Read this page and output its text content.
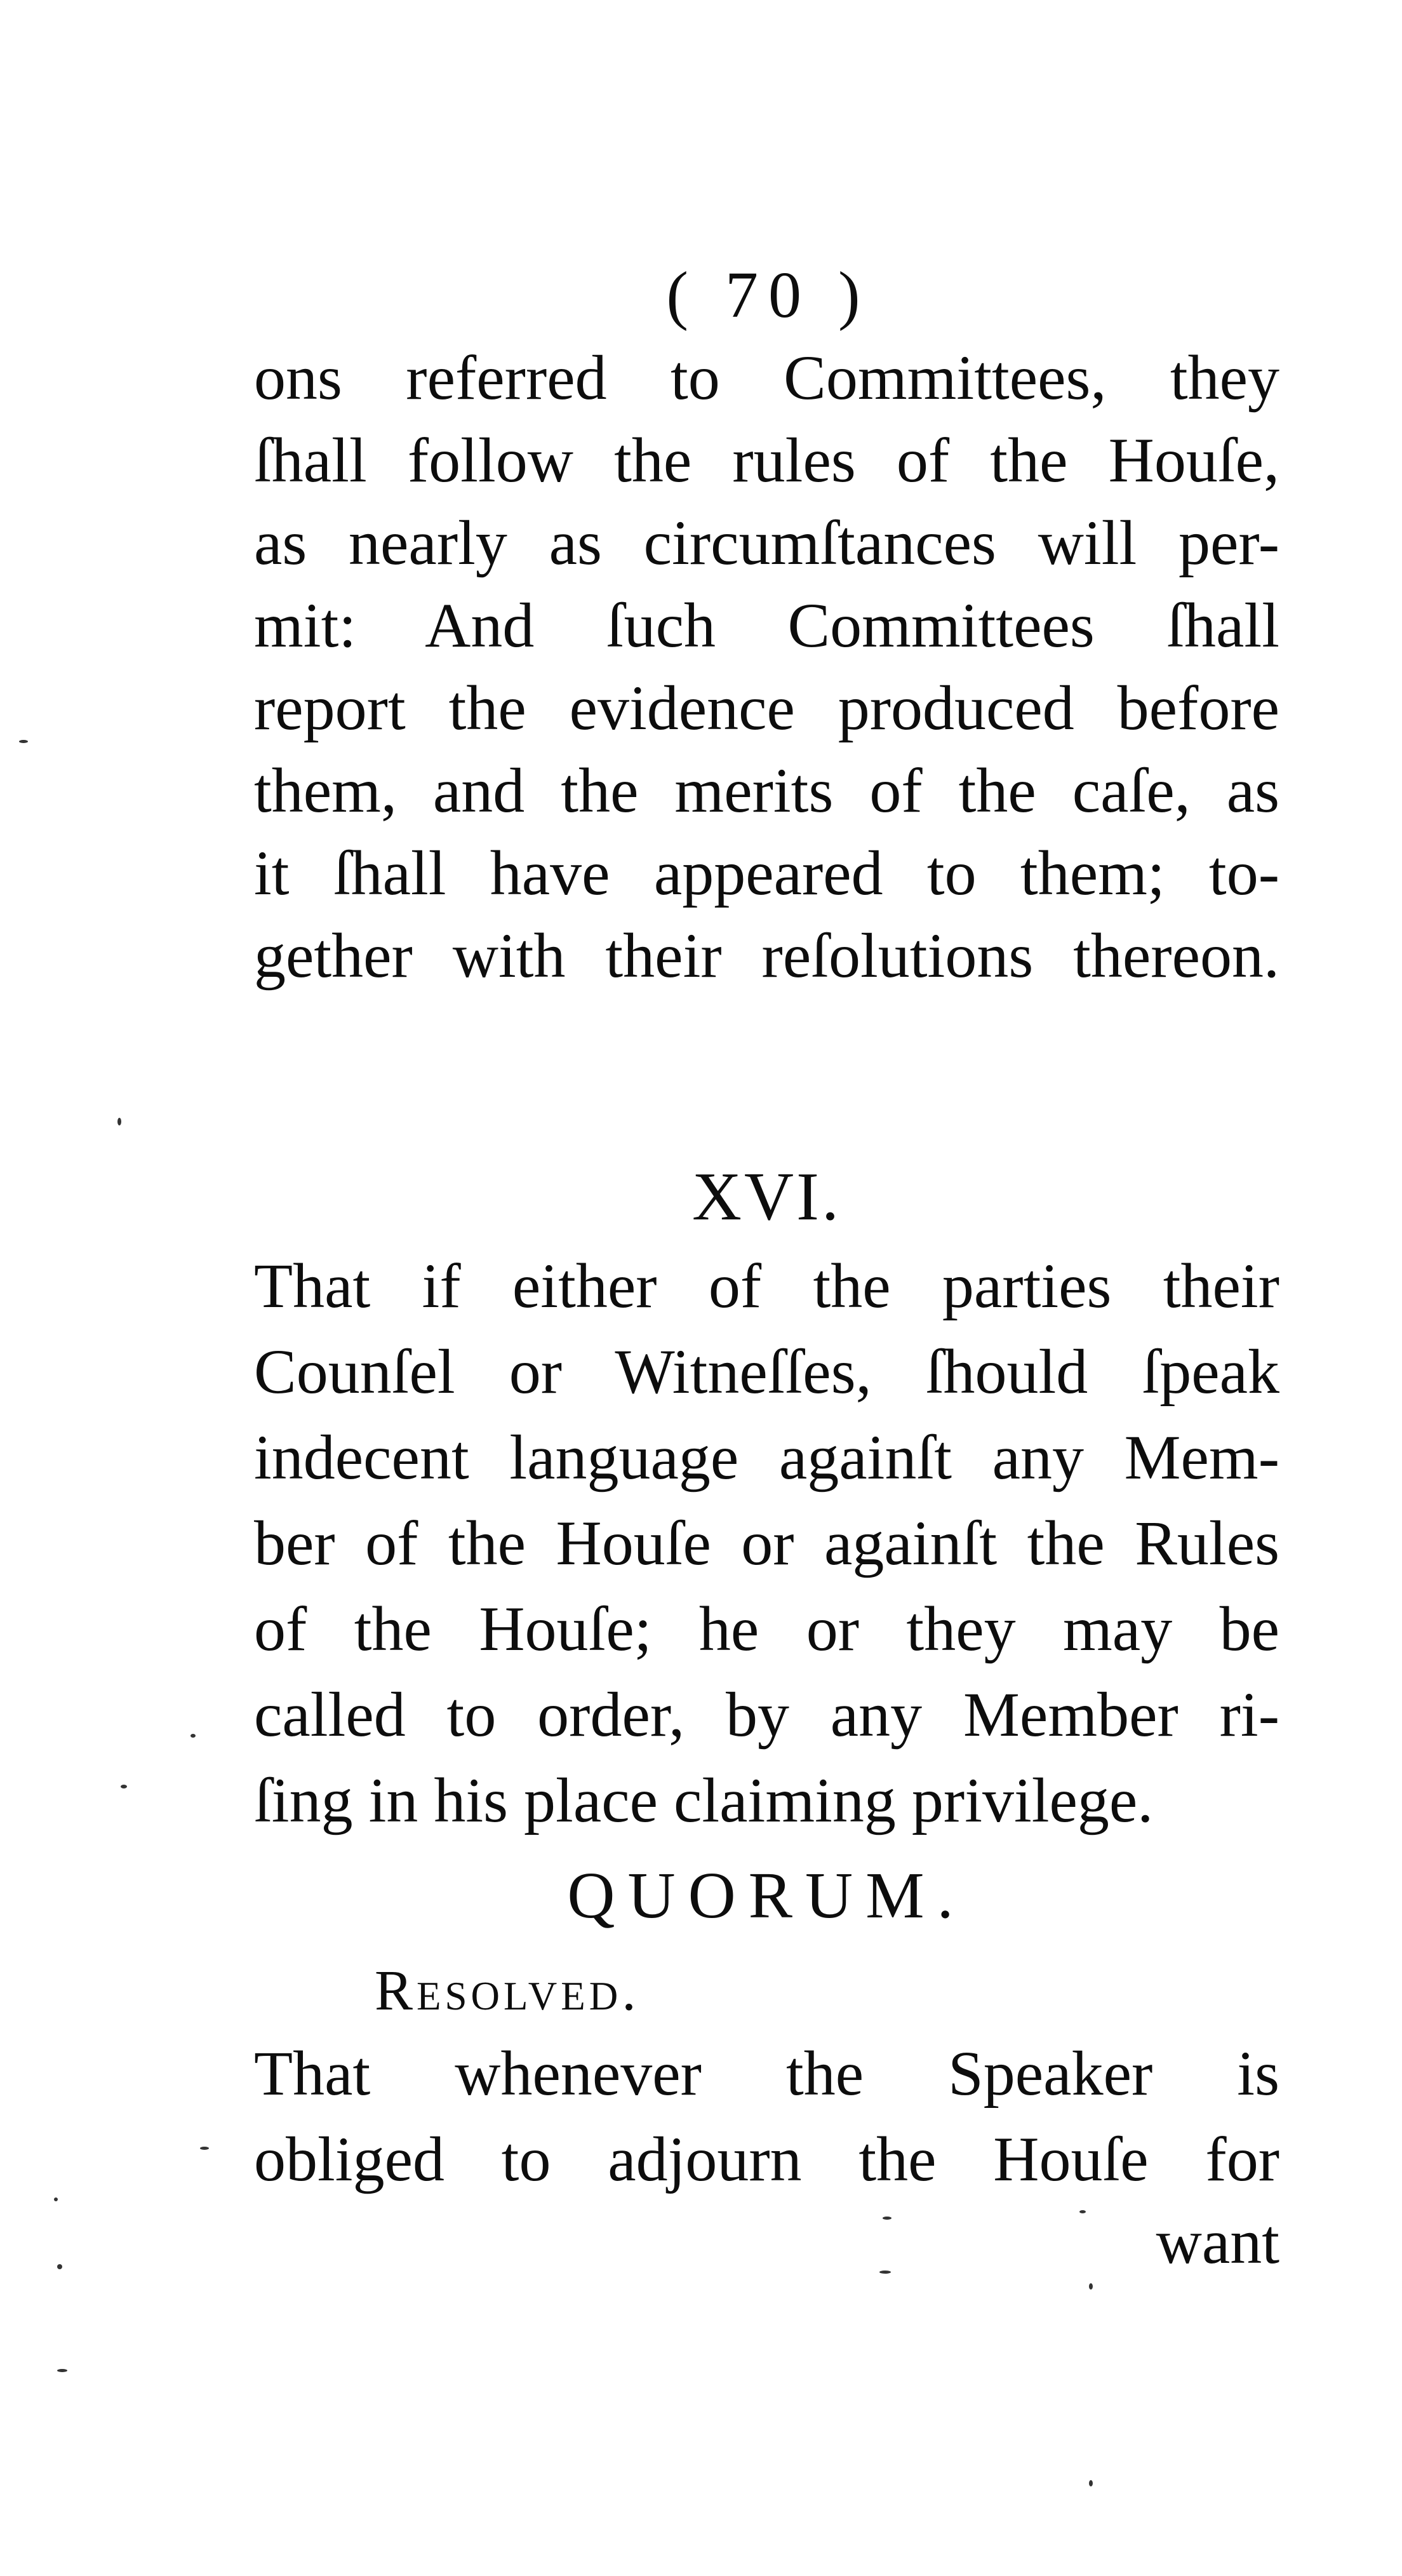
( 70 )
ons referred to Committees, they
ſhall follow the rules of the Houſe,
as nearly as circumſtances will per-
mit: And ſuch Committees ſhall
report the evidence produced before
them, and the merits of the caſe, as
it ſhall have appeared to them; to-
gether with their reſolutions thereon.
XVI.
That if either of the parties their
Counſel or Witneſſes, ſhould ſpeak
indecent language againſt any Mem-
ber of the Houſe or againſt the Rules
of the Houſe; he or they may be
called to order, by any Member ri-
ſing in his place claiming privilege.
QUORUM.
Resolved.
That whenever the Speaker is
obliged to adjourn the Houſe for
want
